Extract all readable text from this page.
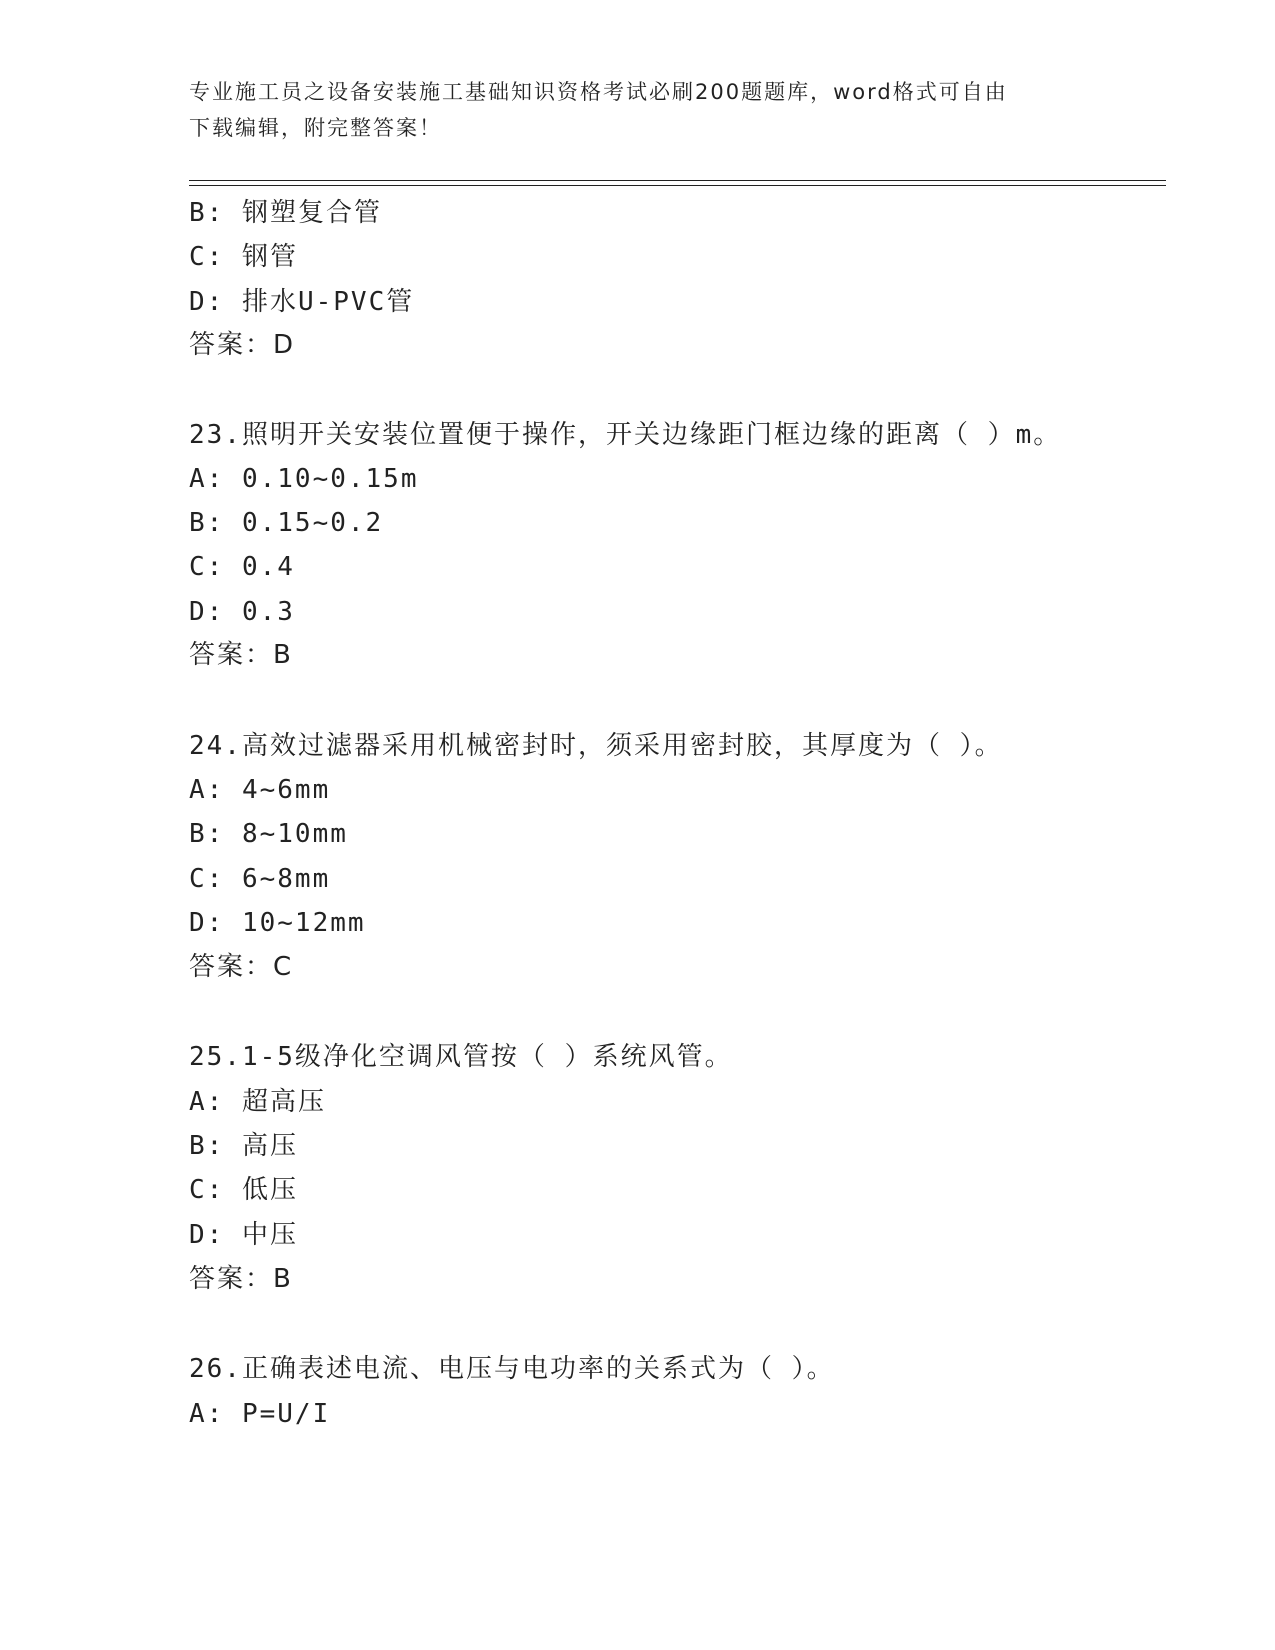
专业施工员之设备安装施工基础知识资格考试必刷200题题库，word格式可自由
下载编辑，附完整答案！
B: 钢塑复合管
C: 钢管
D: 排水U-PVC管
答案：D
23.照明开关安装位置便于操作，开关边缘距门框边缘的距离（ ）m。
A: 0.10~0.15m
B: 0.15~0.2
C: 0.4
D: 0.3
答案：B
24.高效过滤器采用机械密封时，须采用密封胶，其厚度为（ ）。
A: 4~6mm
B: 8~10mm
C: 6~8mm
D: 10~12mm
答案：C
25.1-5级净化空调风管按（ ）系统风管。
A: 超高压
B: 高压
C: 低压
D: 中压
答案：B
26.正确表述电流、电压与电功率的关系式为（ ）。
A: P=U/I
